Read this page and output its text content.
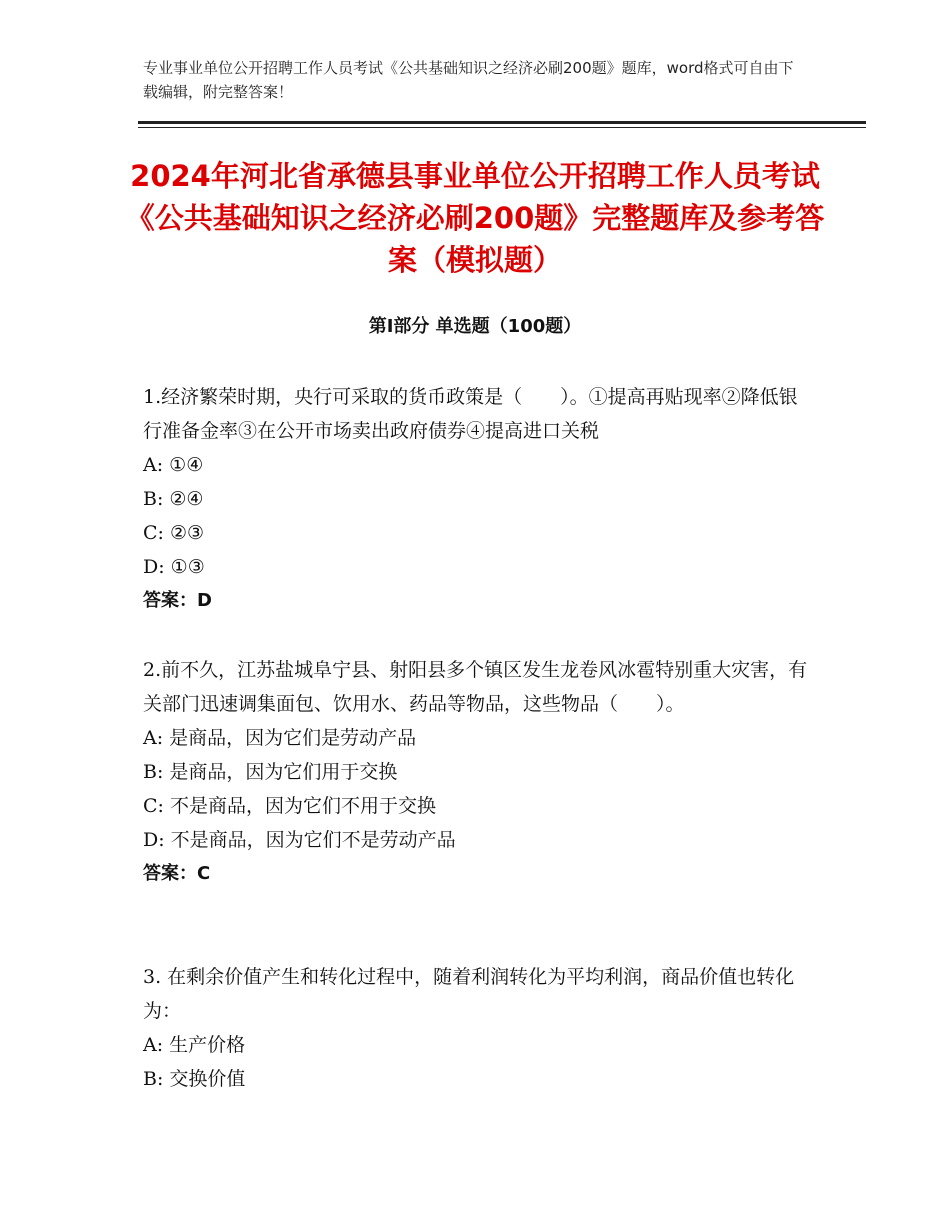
专业事业单位公开招聘工作人员考试《公共基础知识之经济必刷200题》题库，word格式可自由下载编辑，附完整答案！
2024年河北省承德县事业单位公开招聘工作人员考试《公共基础知识之经济必刷200题》完整题库及参考答案（模拟题）
第Ⅰ部分 单选题（100题）

1.经济繁荣时期，央行可采取的货币政策是（　　）。①提高再贴现率②降低银行准备金率③在公开市场卖出政府债券④提高进口关税

A: ①④

B: ②④

C: ②③

D: ①③

答案：D

2.前不久，江苏盐城阜宁县、射阳县多个镇区发生龙卷风冰雹特别重大灾害，有关部门迅速调集面包、饮用水、药品等物品，这些物品（　　）。

A: 是商品，因为它们是劳动产品

B: 是商品，因为它们用于交换

C: 不是商品，因为它们不用于交换

D: 不是商品，因为它们不是劳动产品

答案：C

3. 在剩余价值产生和转化过程中，随着利润转化为平均利润，商品价值也转化为：

A: 生产价格

B: 交换价值
